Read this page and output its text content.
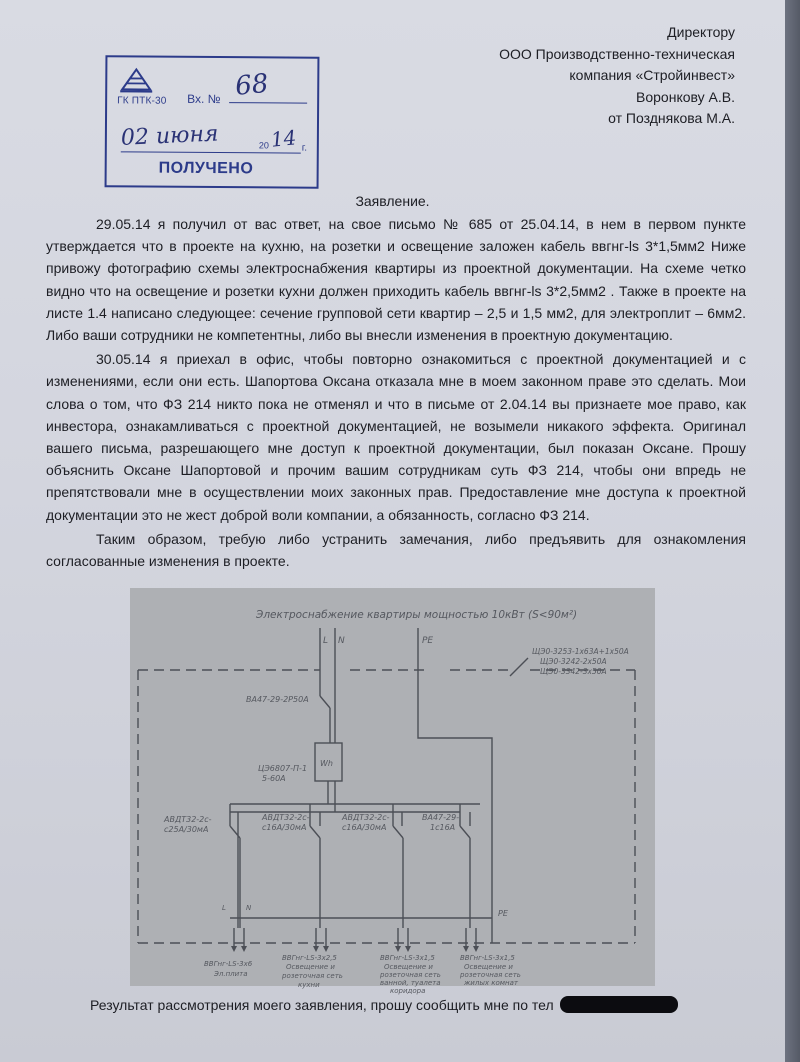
Директору
ООО Производственно-техническая
компания «Стройинвест»
Воронкову А.В.
от Позднякова М.А.
ГК ПТК-30 Вх. № 68
02 июня	20 14 г.
ПОЛУЧЕНО
Заявление.

29.05.14 я получил от вас ответ, на свое письмо № 685 от 25.04.14, в нем в первом пункте утверждается что в проекте на кухню, на розетки и освещение заложен кабель ввгнг-ls 3*1,5мм2 Ниже привожу фотографию схемы электроснабжения квартиры из проектной документации. На схеме четко видно что на освещение и розетки кухни должен приходить кабель ввгнг-ls 3*2,5мм2 . Также в проекте на листе 1.4 написано следующее: сечение групповой сети квартир – 2,5 и 1,5 мм2, для электроплит – 6мм2. Либо ваши сотрудники не компетентны, либо вы внесли изменения в проектную документацию.

30.05.14 я приехал в офис, чтобы повторно ознакомиться с проектной документацией и с изменениями, если они есть. Шапортова Оксана отказала мне в моем законном праве это сделать. Мои слова о том, что ФЗ 214 никто пока не отменял и что в письме от 2.04.14 вы признаете мое право, как инвестора, ознакамливаться с проектной документацией, не возымели никакого эффекта. Оригинал вашего письма, разрешающего мне доступ к проектной документации, был показан Оксане. Прошу объяснить Оксане Шапортовой и прочим вашим сотрудникам суть ФЗ 214, чтобы они впредь не препятствовали мне в осуществлении моих законных прав. Предоставление мне доступа к проектной документации это не жест доброй воли компании, а обязанность, согласно ФЗ 214.

Таким образом, требую либо устранить замечания, либо предъявить для ознакомления согласованные изменения в проекте.

Электроснабжение квартиры мощностью 10кВт (S<90м²)
L N	PE
ВА47-29-2Р50А
ЦЭ6807-П-1
5-60А
Wh
ЩЭ0-3253-1х63А+1х50А
ЩЭ0-3242-2х50А
ЩЭ0-3342-3х50А
АВДТ32-2с-
с25А/30мА
АВДТ32-2с-
с16А/30мА
АВДТ32-2с-
с16А/30мА
ВА47-29-
1с16А
PE
ВВГнг-LS-3х6
Эл.плита
ВВГнг-LS-3х2,5
Освещение и
розеточная сеть
кухни
ВВГнг-LS-3х1,5
Освещение и
розеточная сеть
ванной, туалета
коридора
ВВГнг-LS-3х1,5
Освещение и
розеточная сеть
жилых комнат
L	N
Результат рассмотрения моего заявления, прошу сообщить мне по тел
